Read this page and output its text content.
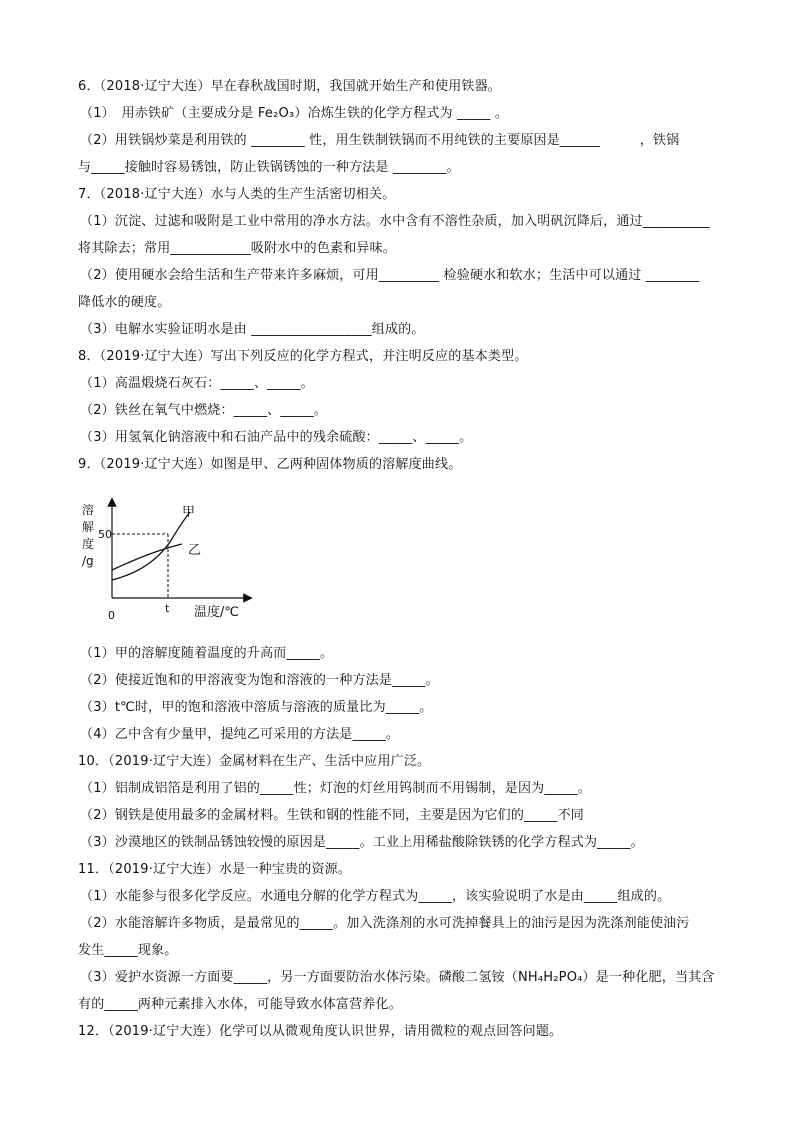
6．（2018·辽宁大连）早在春秋战国时期，我国就开始生产和使用铁器。
（1）　用赤铁矿（主要成分是 Fe₂O₃）冶炼生铁的化学方程式为 _____ 。
（2）用铁锅炒菜是利用铁的 ________ 性，用生铁制铁锅而不用纯铁的主要原因是______　　　，铁锅
与_____接触时容易锈蚀，防止铁锅锈蚀的一种方法是 ________。
7．（2018·辽宁大连）水与人类的生产生活密切相关。
（1）沉淀、过滤和吸附是工业中常用的净水方法。水中含有不溶性杂质，加入明矾沉降后，通过__________
将其除去；常用____________吸附水中的色素和异味。
（2）使用硬水会给生活和生产带来许多麻烦，可用_________ 检验硬水和软水；生活中可以通过 ________
降低水的硬度。
（3）电解水实验证明水是由 __________________组成的。
8．（2019·辽宁大连）写出下列反应的化学方程式，并注明反应的基本类型。
（1）高温煅烧石灰石：_____、_____。
（2）铁丝在氧气中燃烧：_____、_____。
（3）用氢氧化钠溶液中和石油产品中的残余硫酸：_____、_____。
9．（2019·辽宁大连）如图是甲、乙两种固体物质的溶解度曲线。
溶
解
度
/g
50
0
t 温度/℃
甲
乙
（1）甲的溶解度随着温度的升高而_____。
（2）使接近饱和的甲溶液变为饱和溶液的一种方法是_____。
（3）t℃时，甲的饱和溶液中溶质与溶液的质量比为_____。
（4）乙中含有少量甲，提纯乙可采用的方法是_____。
10．（2019·辽宁大连）金属材料在生产、生活中应用广泛。
（1）铝制成铝箔是利用了铝的_____性；灯泡的灯丝用钨制而不用锡制，是因为_____。
（2）钢铁是使用最多的金属材料。生铁和钢的性能不同，主要是因为它们的_____不同
（3）沙漠地区的铁制品锈蚀较慢的原因是_____。工业上用稀盐酸除铁锈的化学方程式为_____。
11．（2019·辽宁大连）水是一种宝贵的资源。
（1）水能参与很多化学反应。水通电分解的化学方程式为_____，该实验说明了水是由_____组成的。
（2）水能溶解许多物质，是最常见的_____。加入洗涤剂的水可洗掉餐具上的油污是因为洗涤剂能使油污
发生_____现象。
（3）爱护水资源一方面要_____，另一方面要防治水体污染。磷酸二氢铵（NH₄H₂PO₄）是一种化肥，当其含
有的_____两种元素排入水体，可能导致水体富营养化。
12．（2019·辽宁大连）化学可以从微观角度认识世界，请用微粒的观点回答问题。
